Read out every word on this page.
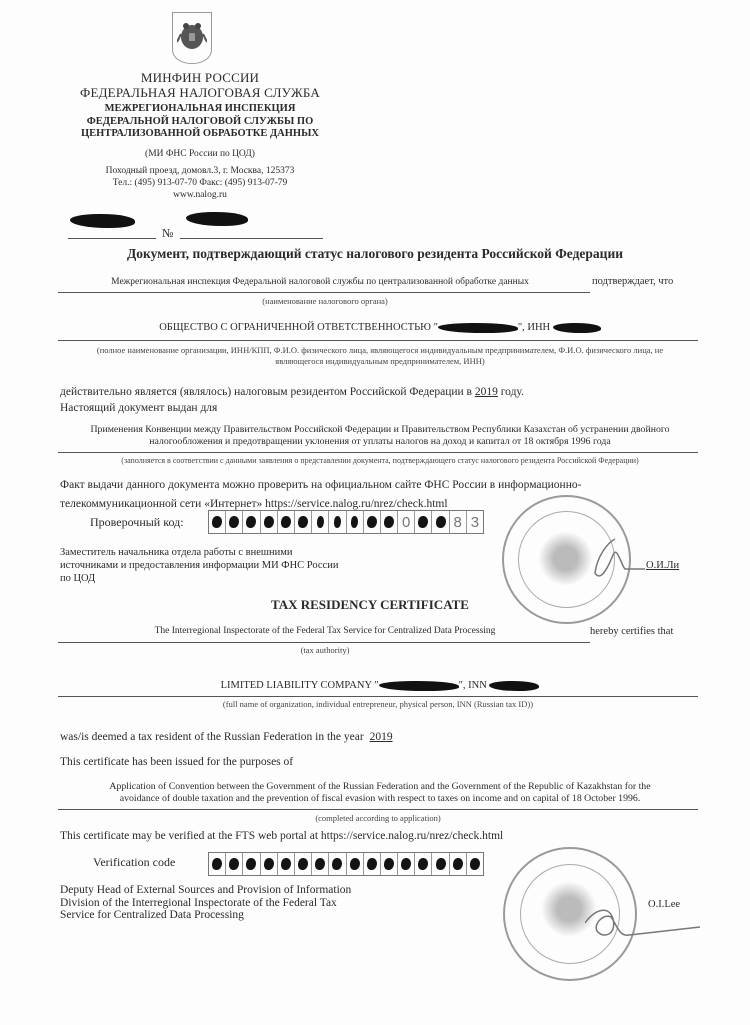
МИНФИН РОССИИ
ФЕДЕРАЛЬНАЯ НАЛОГОВАЯ СЛУЖБА
МЕЖРЕГИОНАЛЬНАЯ ИНСПЕКЦИЯ
ФЕДЕРАЛЬНОЙ НАЛОГОВОЙ СЛУЖБЫ ПО
ЦЕНТРАЛИЗОВАННОЙ ОБРАБОТКЕ ДАННЫХ
(МИ ФНС России по ЦОД)
Походный проезд, домовл.3, г. Москва, 125373
Тел.: (495) 913-07-70 Факс: (495) 913-07-79
www.nalog.ru
№
Документ, подтверждающий статус налогового резидента Российской Федерации
Межрегиональная инспекция Федеральной налоговой службы по централизованной обработке данных	подтверждает, что
(наименование налогового органа)
ОБЩЕСТВО С ОГРАНИЧЕННОЙ ОТВЕТСТВЕННОСТЬЮ "	", ИНН
(полное наименование организации, ИНН/КПП, Ф.И.О. физического лица, являющегося индивидуальным предпринимателем, Ф.И.О. физического лица, не
являющегося индивидуальным предпринимателем, ИНН)
действительно является (являлось) налоговым резидентом Российской Федерации в 2019 году.
Настоящий документ выдан для
Применения Конвенции между Правительством Российской Федерации и Правительством Республики Казахстан об устранении двойного
налогообложения и предотвращении уклонения от уплаты налогов на доход и капитал от 18 октября 1996 года
(заполняется в соответствии с данными заявления о представлении документа, подтверждающего статус налогового резидента Российской Федерации)
Факт выдачи данного документа можно проверить на официальном сайте ФНС России в информационно-
телекоммуникационной сети «Интернет» https://service.nalog.ru/nrez/check.html
Проверочный код:	0	8 3
Заместитель начальника отдела работы с внешними
источниками и предоставления информации МИ ФНС России
по ЦОД
О.И.Ли
TAX RESIDENCY CERTIFICATE
The Interregional Inspectorate of the Federal Tax Service for Centralized Data Processing	hereby certifies that
(tax authority)
LIMITED LIABILITY COMPANY "	", INN
(full name of organization, individual entrepreneur, physical person, INN (Russian tax ID))
was/is deemed a tax resident of the Russian Federation in the year 2019
This certificate has been issued for the purposes of
Application of Convention between the Government of the Russian Federation and the Government of the Republic of Kazakhstan for the
avoidance of double taxation and the prevention of fiscal evasion with respect to taxes on income and on capital of 18 October 1996.
(completed according to application)
This certificate may be verified at the FTS web portal at https://service.nalog.ru/nrez/check.html
Verification code
Deputy Head of External Sources and Provision of Information
Division of the Interregional Inspectorate of the Federal Tax
Service for Centralized Data Processing
O.I.Lee
